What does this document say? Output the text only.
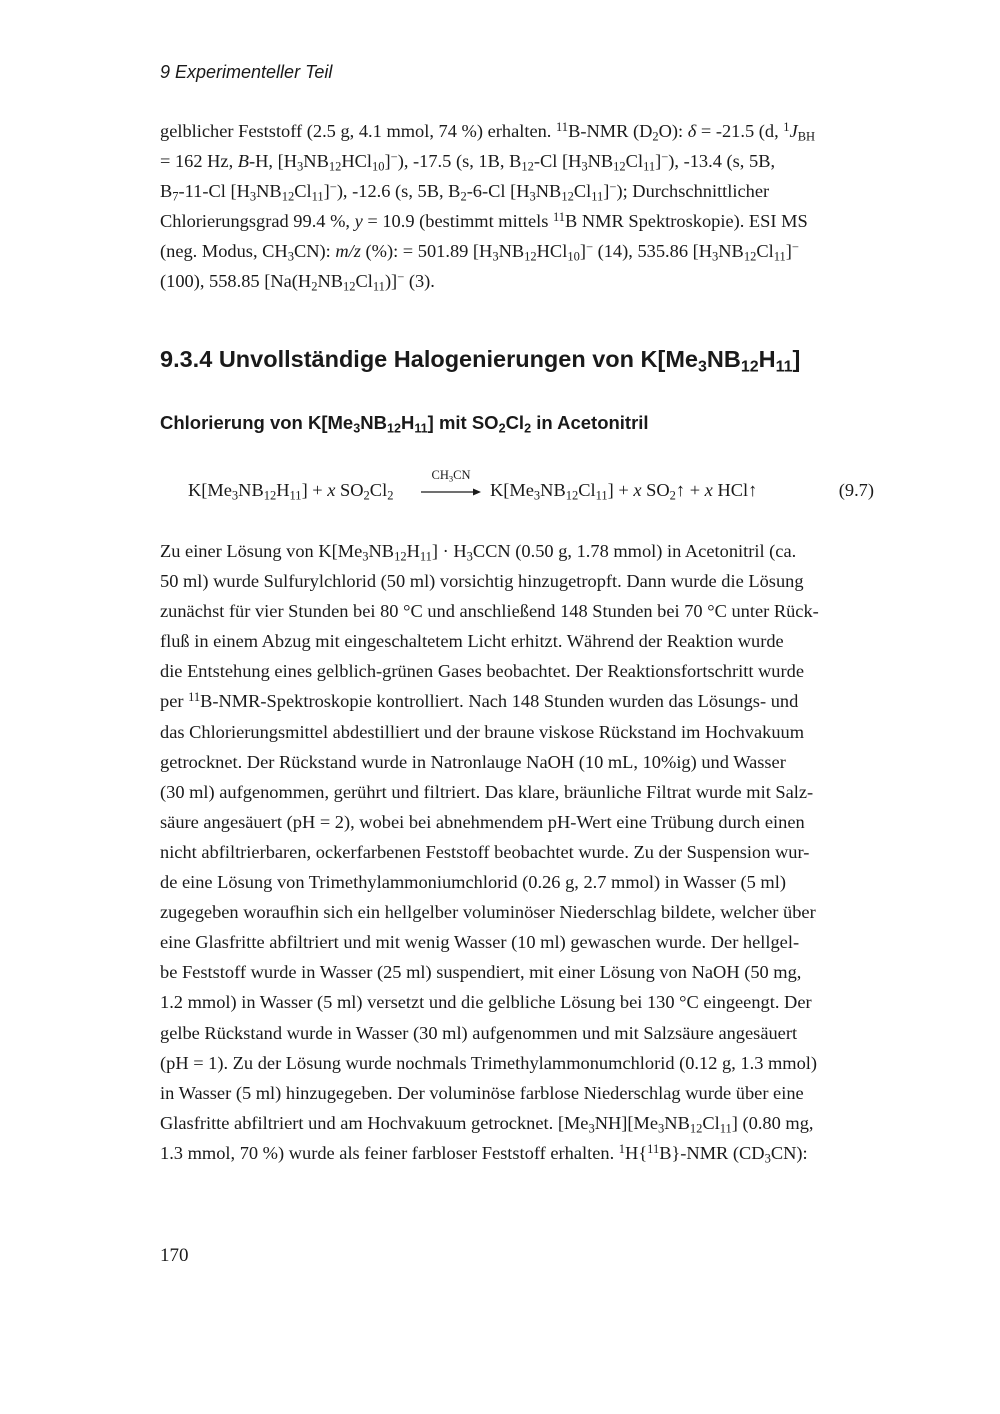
9 Experimenteller Teil
gelblicher Feststoff (2.5 g, 4.1 mmol, 74 %) erhalten. $^{11}$B-NMR $(D_2O)$: δ = -21.5 (d, $^1J_{BH}$
= 162 Hz, B-H, $[H_3NB_{12}HCl_{10}]^-$), -17.5 (s, 1B, $B_{12}-Cl$ $[H_3NB_{12}Cl_{11}]^-$), -13.4 (s, 5B,
$B_7-11-Cl$ $[H_3NB_{12}Cl_{11}]^-$), -12.6 (s, 5B, $B_2-6-Cl$ $[H_3NB_{12}Cl_{11}]^-$); Durchschnittlicher
Chlorierungsgrad 99.4 %, y = 10.9 (bestimmt mittels $^{11}$B NMR Spektroskopie). ESI MS
(neg. Modus, $CH_3CN$): m/z (%): = 501.89 $[H_3NB_{12}HCl_{10}]^-$ (14), 535.86 $[H_3NB_{12}Cl_{11}]^-$
(100), 558.85 $[Na(H_2NB_{12}Cl_{11})]^-$ (3).
9.3.4 Unvollständige Halogenierungen von $K[Me_3NB_{12}H_{11}]$
Chlorierung von $K[Me_3NB_{12}H_{11}]$ mit $SO_2Cl_2$ in Acetonitril
$K[Me_3NB_{12}H_{11}] + x$ $SO_2Cl_2$
$CH_3CN$
$K[Me_3NB_{12}Cl_{11}] + x$ $SO_2↑ + x$ HCl↑	(9.7)
Zu einer Lösung von $K[Me_3NB_{12}H_{11}] \cdot H_3CCN$ (0.50 g, 1.78 mmol) in Acetonitril (ca.
50 ml) wurde Sulfurylchlorid (50 ml) vorsichtig hinzugetropft. Dann wurde die Lösung
zunächst für vier Stunden bei 80 °C und anschließend 148 Stunden bei 70 °C unter Rück-
fluß in einem Abzug mit eingeschaltetem Licht erhitzt. Während der Reaktion wurde
die Entstehung eines gelblich-grünen Gases beobachtet. Der Reaktionsfortschritt wurde
per $^{11}$B-NMR-Spektroskopie kontrolliert. Nach 148 Stunden wurden das Lösungs- und
das Chlorierungsmittel abdestilliert und der braune viskose Rückstand im Hochvakuum
getrocknet. Der Rückstand wurde in Natronlauge NaOH (10 mL, 10%ig) und Wasser
(30 ml) aufgenommen, gerührt und filtriert. Das klare, bräunliche Filtrat wurde mit Salz-
säure angesäuert (pH = 2), wobei bei abnehmendem pH-Wert eine Trübung durch einen
nicht abfiltrierbaren, ockerfarbenen Feststoff beobachtet wurde. Zu der Suspension wur-
de eine Lösung von Trimethylammoniumchlorid (0.26 g, 2.7 mmol) in Wasser (5 ml)
zugegeben woraufhin sich ein hellgelber voluminöser Niederschlag bildete, welcher über
eine Glasfritte abfiltriert und mit wenig Wasser (10 ml) gewaschen wurde. Der hellgel-
be Feststoff wurde in Wasser (25 ml) suspendiert, mit einer Lösung von NaOH (50 mg,
1.2 mmol) in Wasser (5 ml) versetzt und die gelbliche Lösung bei 130 °C eingeengt. Der
gelbe Rückstand wurde in Wasser (30 ml) aufgenommen und mit Salzsäure angesäuert
(pH = 1). Zu der Lösung wurde nochmals Trimethylammonumchlorid (0.12 g, 1.3 mmol)
in Wasser (5 ml) hinzugegeben. Der voluminöse farblose Niederschlag wurde über eine
Glasfritte abfiltriert und am Hochvakuum getrocknet. $[Me_3NH][Me_3NB_{12}Cl_{11}]$ (0.80 mg,
1.3 mmol, 70 %) wurde als feiner farbloser Feststoff erhalten. $^1$H{$^{11}$B}-NMR $(CD_3CN)$:
170
